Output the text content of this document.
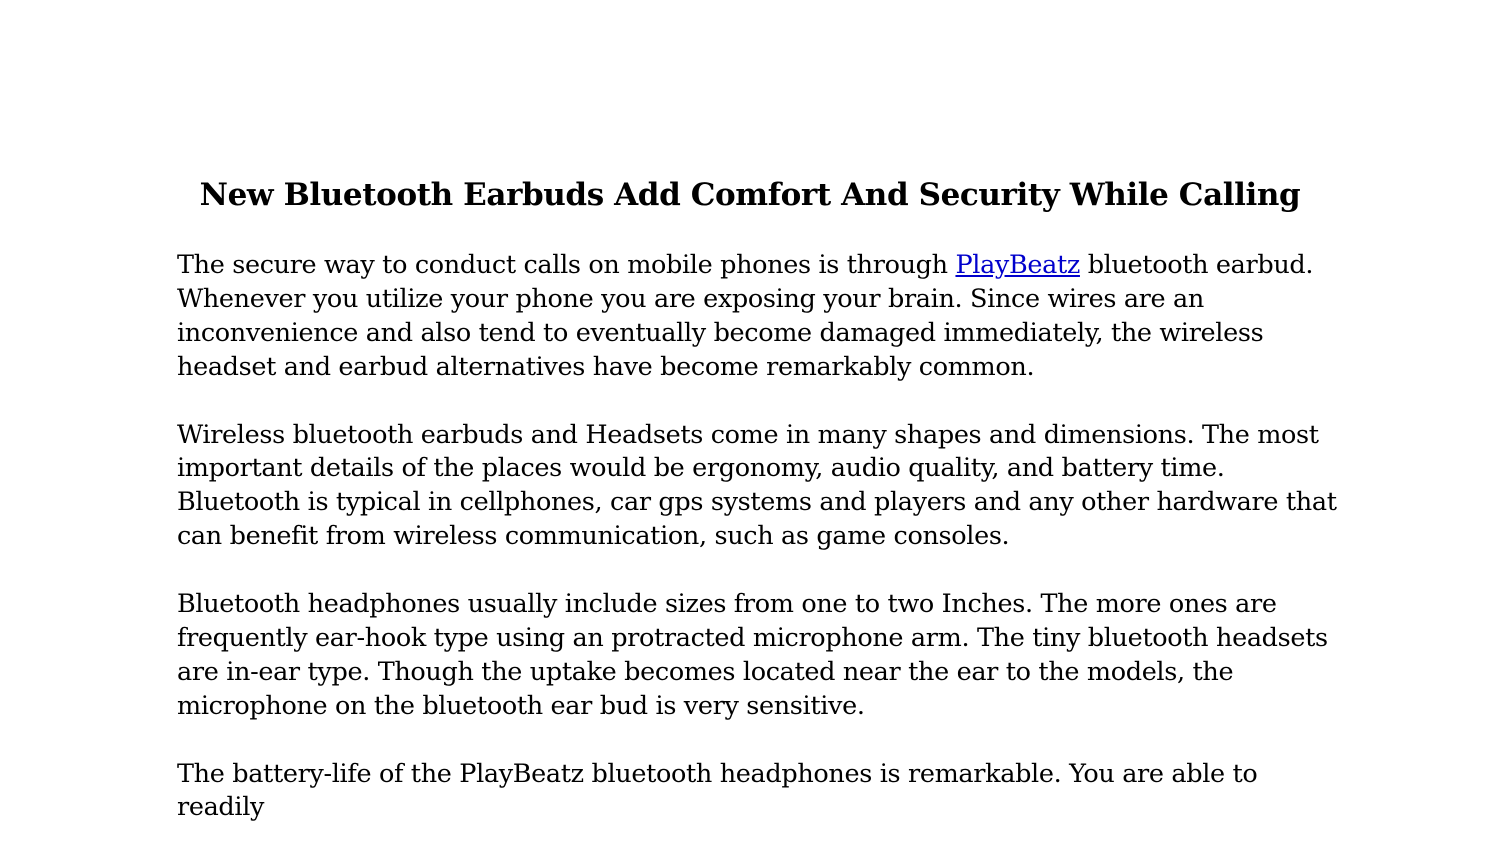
New Bluetooth Earbuds Add Comfort And Security While Calling

The secure way to conduct calls on mobile phones is through PlayBeatz bluetooth earbud. Whenever you utilize your phone you are exposing your brain. Since wires are an inconvenience and also tend to eventually become damaged immediately, the wireless headset and earbud alternatives have become remarkably common.

Wireless bluetooth earbuds and Headsets come in many shapes and dimensions. The most important details of the places would be ergonomy, audio quality, and battery time. Bluetooth is typical in cellphones, car gps systems and players and any other hardware that can benefit from wireless communication, such as game consoles.

Bluetooth headphones usually include sizes from one to two Inches. The more ones are frequently ear-hook type using an protracted microphone arm. The tiny bluetooth headsets are in-ear type. Though the uptake becomes located near the ear to the models, the microphone on the bluetooth ear bud is very sensitive.

The battery-life of the PlayBeatz bluetooth headphones is remarkable. You are able to readily
